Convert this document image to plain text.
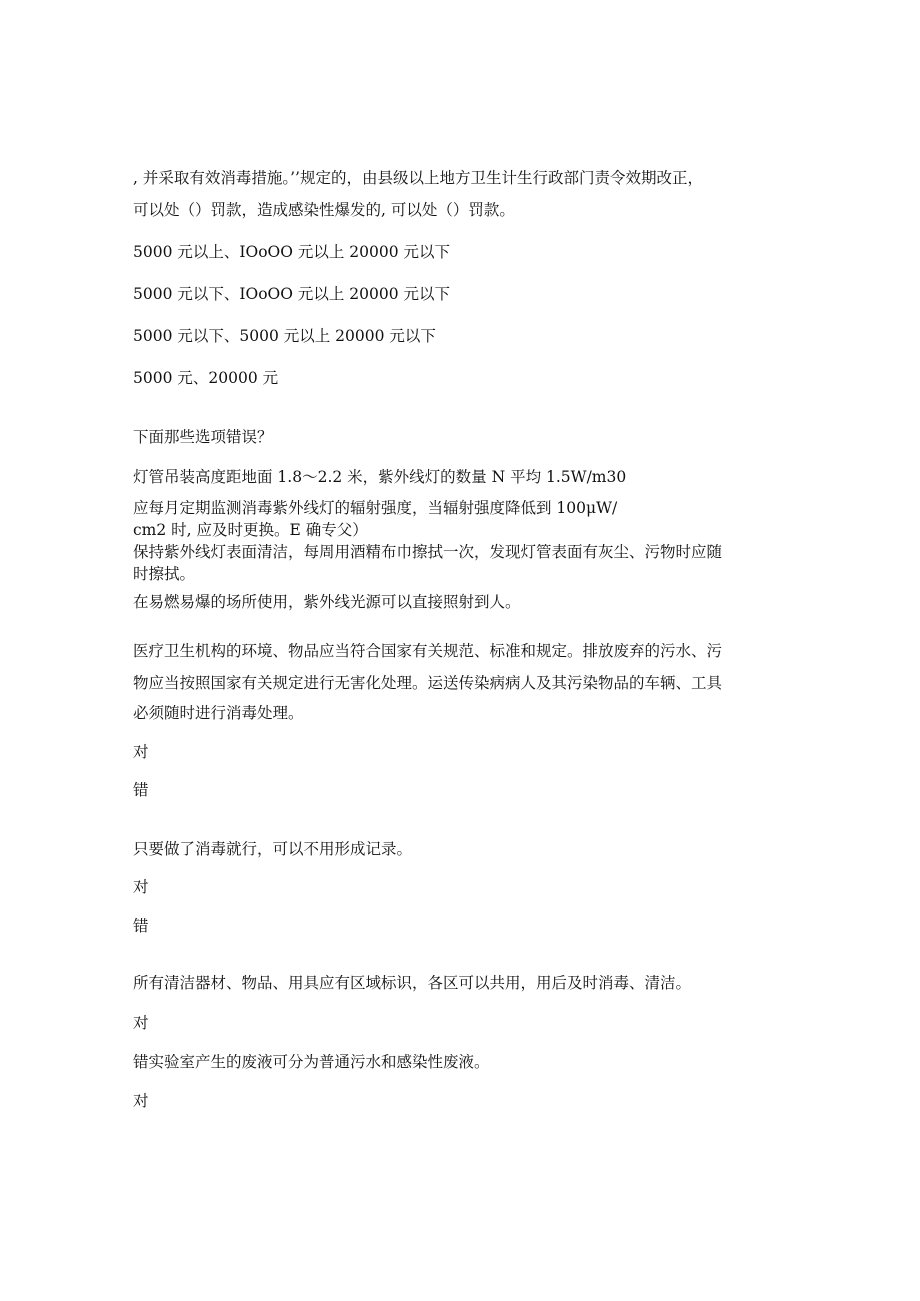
, 并采取有效消毒措施。’’规定的，由县级以上地方卫生计生行政部门责令效期改正，
可以处（）罚款，造成感染性爆发的, 可以处（）罚款。
5000 元以上、IOoOO 元以上 20000 元以下
5000 元以下、IOoOO 元以上 20000 元以下
5000 元以下、5000 元以上 20000 元以下
5000 元、20000 元
下面那些选项错误？
灯管吊装高度距地面 1.8～2.2 米，紫外线灯的数量 N 平均 1.5W/m30
应每月定期监测消毒紫外线灯的辐射强度，当辐射强度降低到 100μW/
cm2 时, 应及时更换。E 确专父）
保持紫外线灯表面清洁，每周用酒精布巾擦拭一次，发现灯管表面有灰尘、污物时应随
时擦拭。
在易燃易爆的场所使用，紫外线光源可以直接照射到人。
医疗卫生机构的环境、物品应当符合国家有关规范、标准和规定。排放废弃的污水、污
物应当按照国家有关规定进行无害化处理。运送传染病病人及其污染物品的车辆、工具
必须随时进行消毒处理。
对
错
只要做了消毒就行，可以不用形成记录。
对
错
所有清洁器材、物品、用具应有区域标识，各区可以共用，用后及时消毒、清洁。
对
错实验室产生的废液可分为普通污水和感染性废液。
对
